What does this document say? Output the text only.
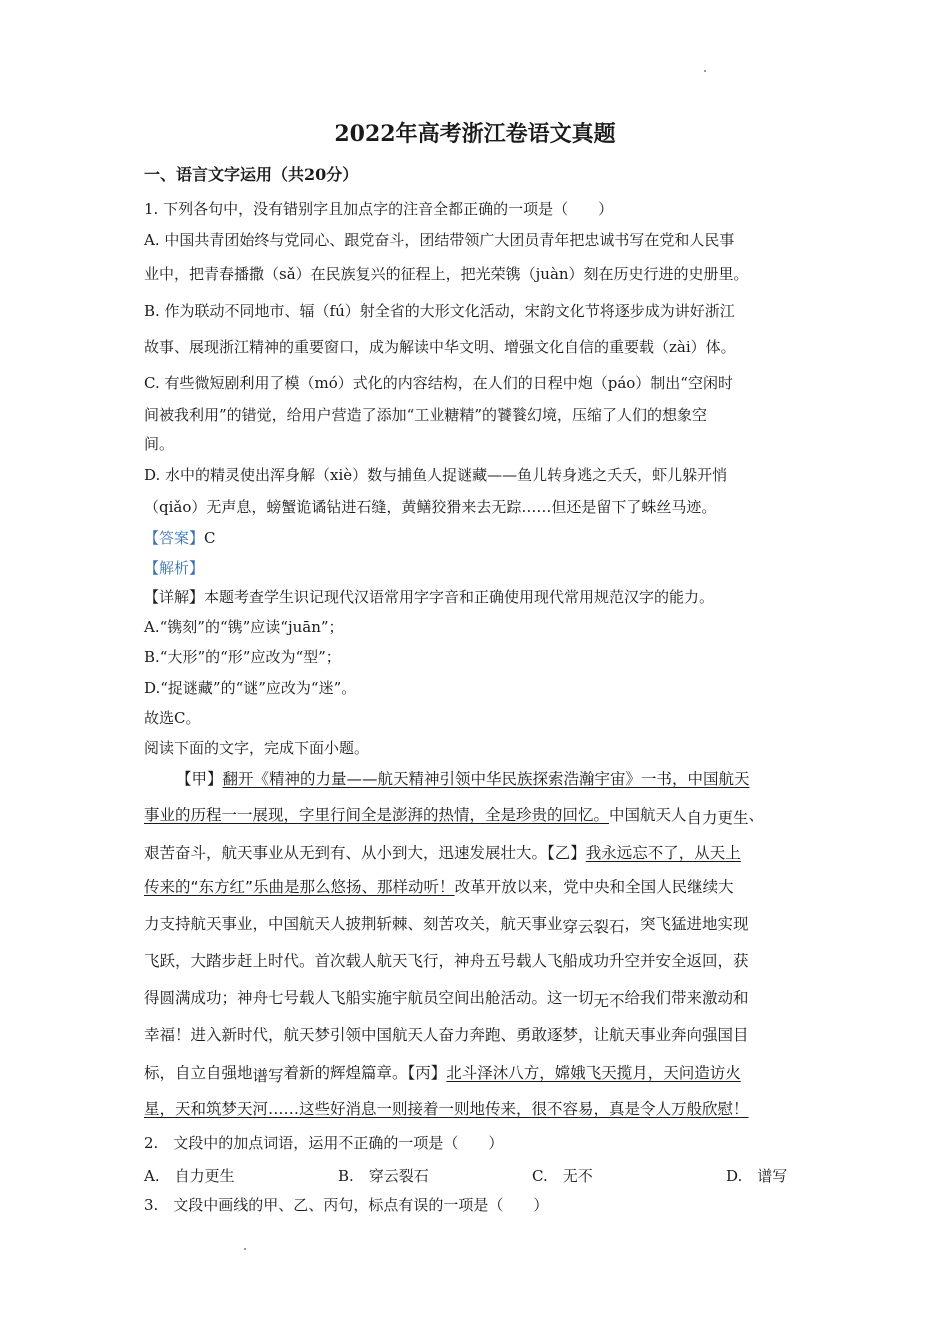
2022年高考浙江卷语文真题
一、语言文字运用（共20分）
1. 下列各句中，没有错别字且加点字的注音全都正确的一项是（　　）
A. 中国共青团始终与党同心、跟党奋斗，团结带领广大团员青年把忠诚书写在党和人民事
业中，把青春播撒（sǎ）在民族复兴的征程上，把光荣镌（juàn）刻在历史行进的史册里。
B. 作为联动不同地市、辐（fú）射全省的大形文化活动，宋韵文化节将逐步成为讲好浙江
故事、展现浙江精神的重要窗口，成为解读中华文明、增强文化自信的重要载（zài）体。
C. 有些微短剧利用了模（mó）式化的内容结构，在人们的日程中炮（páo）制出“空闲时
间被我利用”的错觉，给用户营造了添加“工业糖精”的饕餮幻境，压缩了人们的想象空
间。
D. 水中的精灵使出浑身解（xiè）数与捕鱼人捉谜藏——鱼儿转身逃之夭夭，虾儿躲开悄
（qiǎo）无声息，螃蟹诡谲钻进石缝，黄鳝狡猾来去无踪……但还是留下了蛛丝马迹。
【答案】C
【解析】
【详解】本题考查学生识记现代汉语常用字字音和正确使用现代常用规范汉字的能力。
A.“镌刻”的“镌”应读“juān”；
B.“大形”的“形”应改为“型”；
D.“捉谜藏”的“谜”应改为“迷”。
故选C。
阅读下面的文字，完成下面小题。
【甲】翻开《精神的力量——航天精神引领中华民族探索浩瀚宇宙》一书，中国航天
事业的历程一一展现，字里行间全是澎湃的热情，全是珍贵的回忆。中国航天人自力更生、
艰苦奋斗，航天事业从无到有、从小到大，迅速发展壮大。【乙】我永远忘不了，从天上
传来的“东方红”乐曲是那么悠扬、那样动听！改革开放以来，党中央和全国人民继续大
力支持航天事业，中国航天人披荆斩棘、刻苦攻关，航天事业穿云裂石，突飞猛进地实现
飞跃，大踏步赶上时代。首次载人航天飞行，神舟五号载人飞船成功升空并安全返回，获
得圆满成功；神舟七号载人飞船实施宇航员空间出舱活动。这一切无不给我们带来激动和
幸福！进入新时代，航天梦引领中国航天人奋力奔跑、勇敢逐梦，让航天事业奔向强国目
标，自立自强地谱写着新的辉煌篇章。【丙】北斗泽沐八方，嫦娥飞天揽月，天问造访火
星，天和筑梦天河……这些好消息一则接着一则地传来，很不容易，真是令人万般欣慰！
2.　文段中的加点词语，运用不正确的一项是（　　）
A.　自力更生	B.　穿云裂石	C.　无不	D.　谱写
3.　文段中画线的甲、乙、丙句，标点有误的一项是（　　）
